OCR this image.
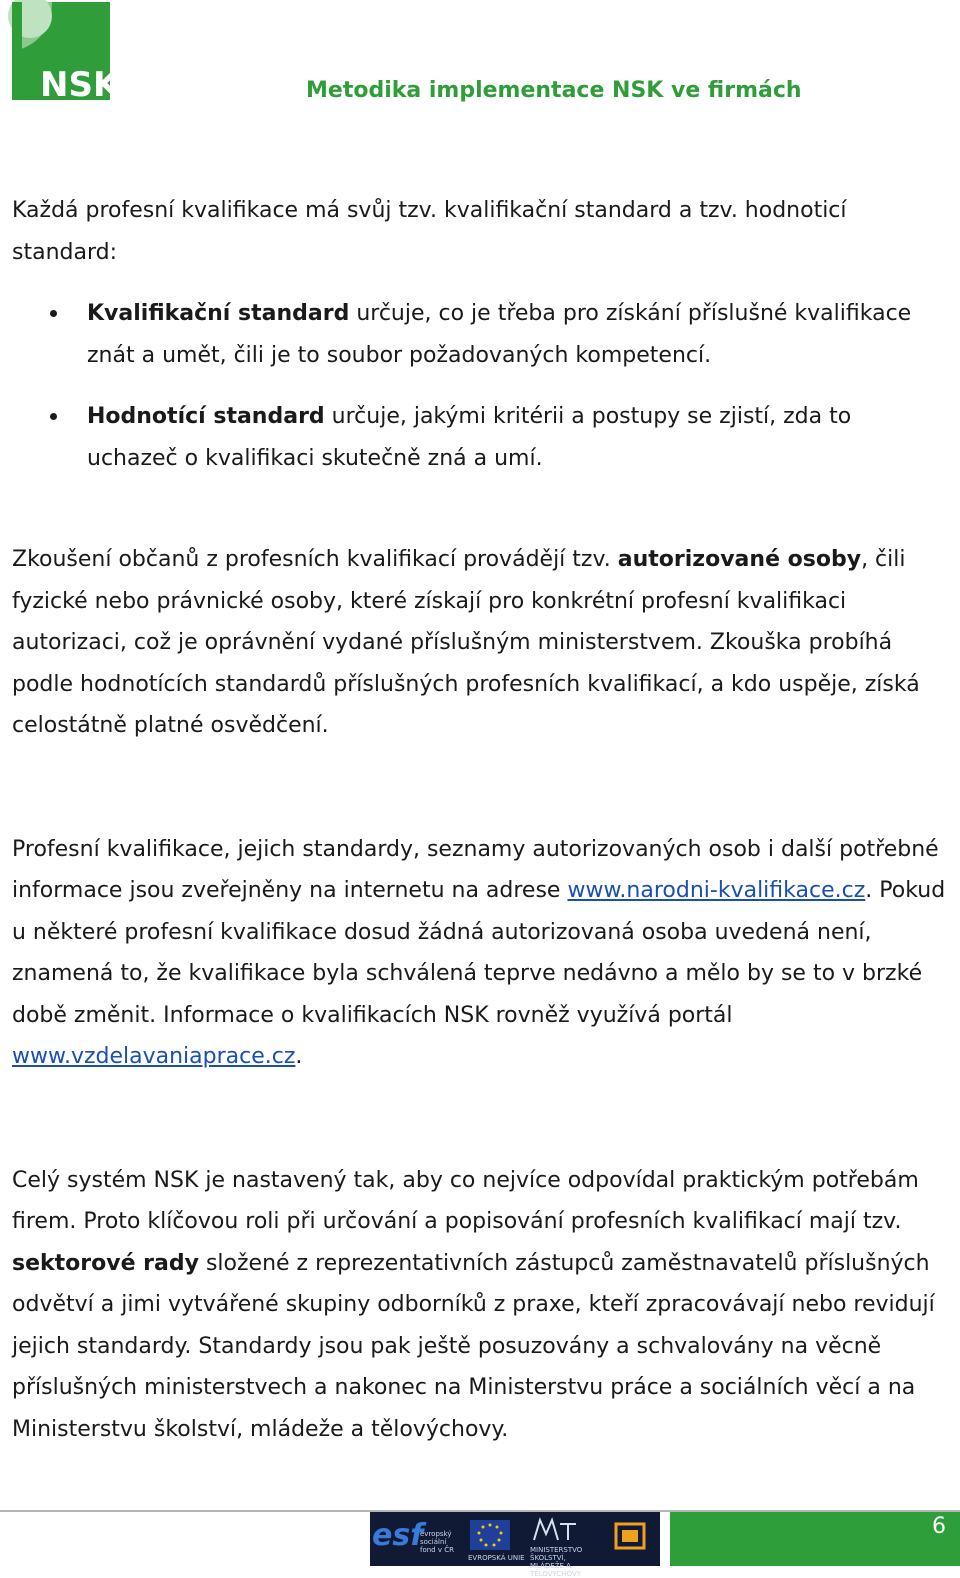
NSK2	Metodika implementace NSK ve firmách

Každá profesní kvalifikace má svůj tzv. kvalifikační standard a tzv. hodnoticí standard:

Kvalifikační standard určuje, co je třeba pro získání příslušné kvalifikace znát a umět, čili je to soubor požadovaných kompetencí.
Hodnotící standard určuje, jakými kritérii a postupy se zjistí, zda to uchazeč o kvalifikaci skutečně zná a umí.

Zkoušení občanů z profesních kvalifikací provádějí tzv. autorizované osoby, čili fyzické nebo právnické osoby, které získají pro konkrétní profesní kvalifikaci autorizaci, což je oprávnění vydané příslušným ministerstvem. Zkouška probíhá podle hodnotících standardů příslušných profesních kvalifikací, a kdo uspěje, získá celostátně platné osvědčení.

Profesní kvalifikace, jejich standardy, seznamy autorizovaných osob i další potřebné informace jsou zveřejněny na internetu na adrese www.narodni-kvalifikace.cz. Pokud u některé profesní kvalifikace dosud žádná autorizovaná osoba uvedená není, znamená to, že kvalifikace byla schválená teprve nedávno a mělo by se to v brzké době změnit. Informace o kvalifikacích NSK rovněž využívá portál www.vzdelavaniaprace.cz.

Celý systém NSK je nastavený tak, aby co nejvíce odpovídal praktickým potřebám firem. Proto klíčovou roli při určování a popisování profesních kvalifikací mají tzv. sektorové rady složené z reprezentativních zástupců zaměstnavatelů příslušných odvětví a jimi vytvářené skupiny odborníků z praxe, kteří zpracovávají nebo revidují jejich standardy. Standardy jsou pak ještě posuzovány a schvalovány na věcně příslušných ministerstvech a nakonec na Ministerstvu práce a sociálních věcí a na Ministerstvu školství, mládeže a tělovýchovy.

esf
evropský sociální fond v ČR
EVROPSKÁ UNIE
MINISTERSTVO ŠKOLSTVÍ, MLÁDEŽE A TĚLOVÝCHOVY
6
